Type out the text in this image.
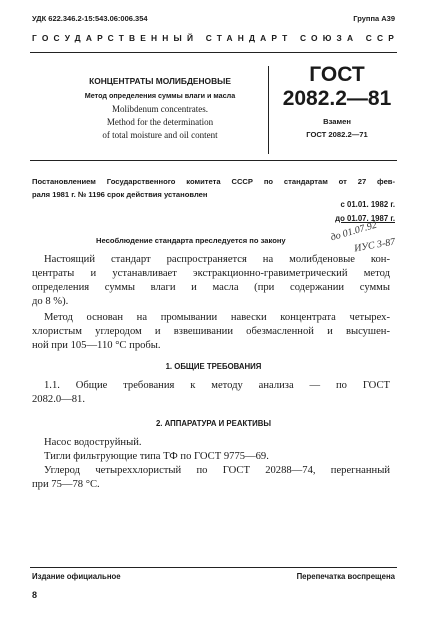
УДК 622.346.2-15:543.06:006.354	Группа А39
ГОСУДАРСТВЕННЫЙ СТАНДАРТ СОЮЗА ССР
КОНЦЕНТРАТЫ МОЛИБДЕНОВЫЕ
Метод определения суммы влаги и масла
Molibdenum concentrates.
Method for the determination
of total moisture and oil content
ГОСТ
2082.2—81
Взамен
ГОСТ 2082.2—71
Постановлением Государственного комитета СССР по стандартам от 27 фев-
раля 1981 г. № 1196 срок действия установлен
с 01.01. 1982 г.
до 01.07. 1987 г.
Несоблюдение стандарта преследуется по закону	до 01.07.92
ИУС 3-87

Настоящий стандарт распространяется на молибденовые кон-

центраты и устанавливает экстракционно-гравиметрический метод

определения суммы влаги и масла (при содержании суммы

до 8 %).

Метод основан на промывании навески концентрата четырех-

хлористым углеродом и взвешивании обезмасленной и высушен-

ной при 105—110 °С пробы.

1. ОБЩИЕ ТРЕБОВАНИЯ

1.1. Общие требования к методу анализа — по ГОСТ

2082.0—81.

2. АППАРАТУРА И РЕАКТИВЫ

Насос водоструйный.

Тигли фильтрующие типа ТФ по ГОСТ 9775—69.

Углерод четыреххлористый по ГОСТ 20288—74, перегнанный

при 75—78 °С.

Издание официальное	Перепечатка воспрещена
8
